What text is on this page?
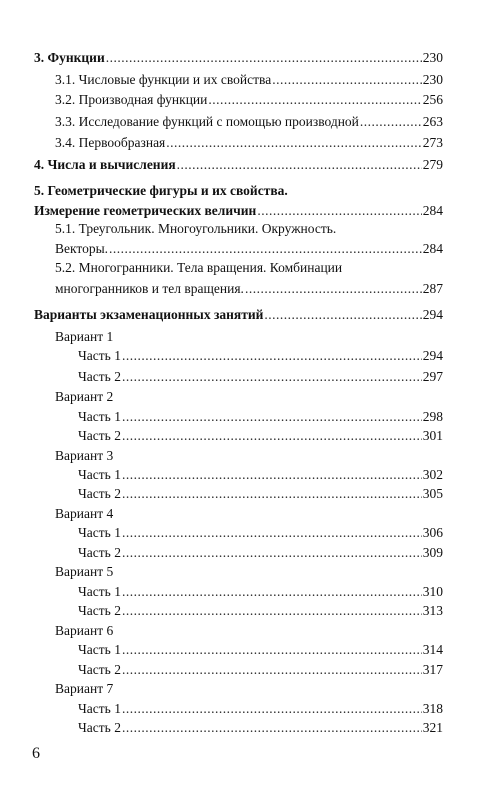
3. Функции .....	230
3.1. Числовые функции и их свойства .....	230
3.2. Производная функции .....	256
3.3. Исследование функций с помощью производной .....	263
3.4. Первообразная .....	273
4. Числа и вычисления .....	279
5. Геометрические фигуры и их свойства.
Измерение геометрических величин .....	284
5.1. Треугольник. Многоугольники. Окружность.
Векторы. .....	284
5.2. Многогранники. Тела вращения. Комбинации
многогранников и тел вращения. .....	287
Варианты экзаменационных занятий .....	294
Вариант 1
Часть 1 .....	294
Часть 2 .....	297
Вариант 2
Часть 1 .....	298
Часть 2 .....	301
Вариант 3
Часть 1 .....	302
Часть 2 .....	305
Вариант 4
Часть 1 .....	306
Часть 2 .....	309
Вариант 5
Часть 1 .....	310
Часть 2 .....	313
Вариант 6
Часть 1 .....	314
Часть 2 .....	317
Вариант 7
Часть 1 .....	318
Часть 2 .....	321
6
